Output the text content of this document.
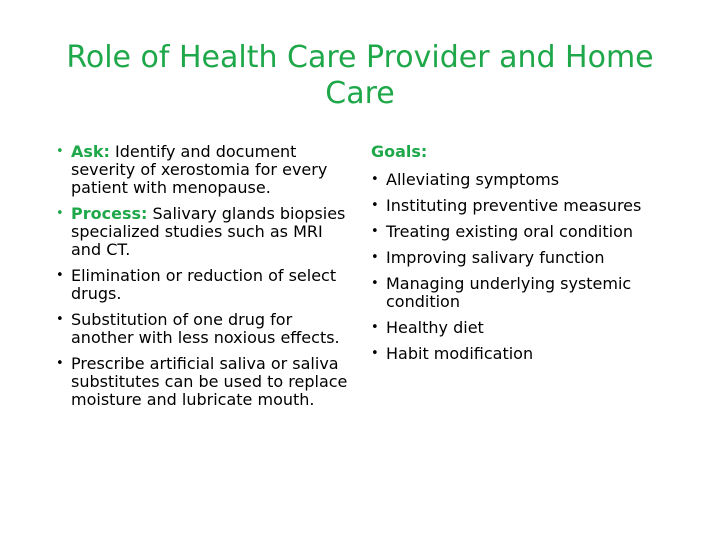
Role of Health Care Provider and Home Care
• Ask: Identify and document severity of xerostomia for every patient with menopause.
• Process: Salivary glands biopsies specialized studies such as MRI and CT.
• Elimination or reduction of select drugs.
• Substitution of one drug for another with less noxious effects.
• Prescribe artificial saliva or saliva substitutes can be used to replace moisture and lubricate mouth.
Goals:
• Alleviating symptoms
• Instituting preventive measures
• Treating existing oral condition
• Improving salivary function
• Managing underlying systemic condition
• Healthy diet
• Habit modification
